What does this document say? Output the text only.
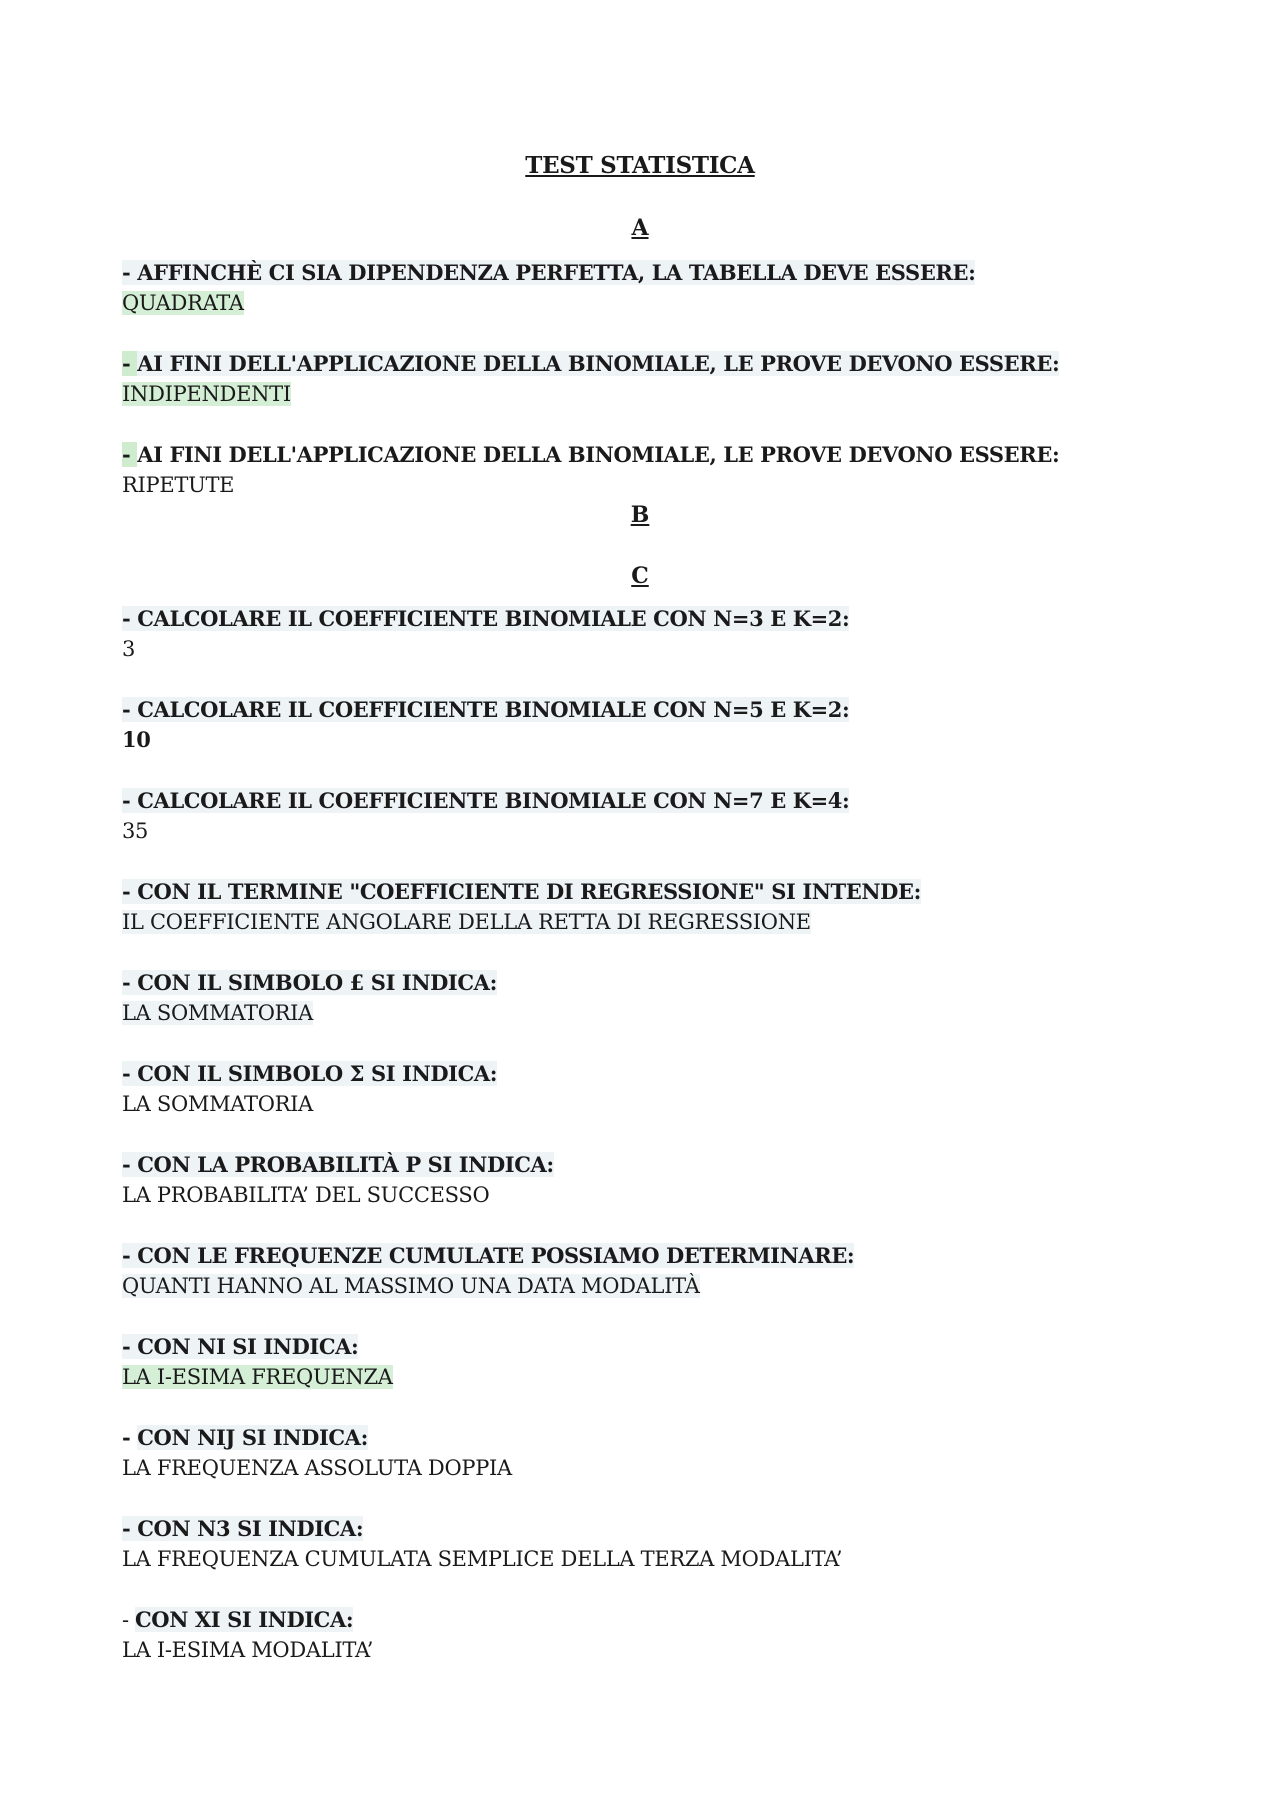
TEST STATISTICA
A
- AFFINCHÈ CI SIA DIPENDENZA PERFETTA, LA TABELLA DEVE ESSERE:
QUADRATA
- AI FINI DELL'APPLICAZIONE DELLA BINOMIALE, LE PROVE DEVONO ESSERE:
INDIPENDENTI
- AI FINI DELL'APPLICAZIONE DELLA BINOMIALE, LE PROVE DEVONO ESSERE:
RIPETUTE
B
C
- CALCOLARE IL COEFFICIENTE BINOMIALE CON N=3 E K=2:
3
- CALCOLARE IL COEFFICIENTE BINOMIALE CON N=5 E K=2:
10
- CALCOLARE IL COEFFICIENTE BINOMIALE CON N=7 E K=4:
35
- CON IL TERMINE "COEFFICIENTE DI REGRESSIONE" SI INTENDE:
IL COEFFICIENTE ANGOLARE DELLA RETTA DI REGRESSIONE
- CON IL SIMBOLO £ SI INDICA:
LA SOMMATORIA
- CON IL SIMBOLO Σ SI INDICA:
LA SOMMATORIA
- CON LA PROBABILITÀ P SI INDICA:
LA PROBABILITA’ DEL SUCCESSO
- CON LE FREQUENZE CUMULATE POSSIAMO DETERMINARE:
QUANTI HANNO AL MASSIMO UNA DATA MODALITÀ
- CON NI SI INDICA:
LA I-ESIMA FREQUENZA
- CON NIJ SI INDICA:
LA FREQUENZA ASSOLUTA DOPPIA
- CON N3 SI INDICA:
LA FREQUENZA CUMULATA SEMPLICE DELLA TERZA MODALITA’
- CON XI SI INDICA:
LA I-ESIMA MODALITA’
